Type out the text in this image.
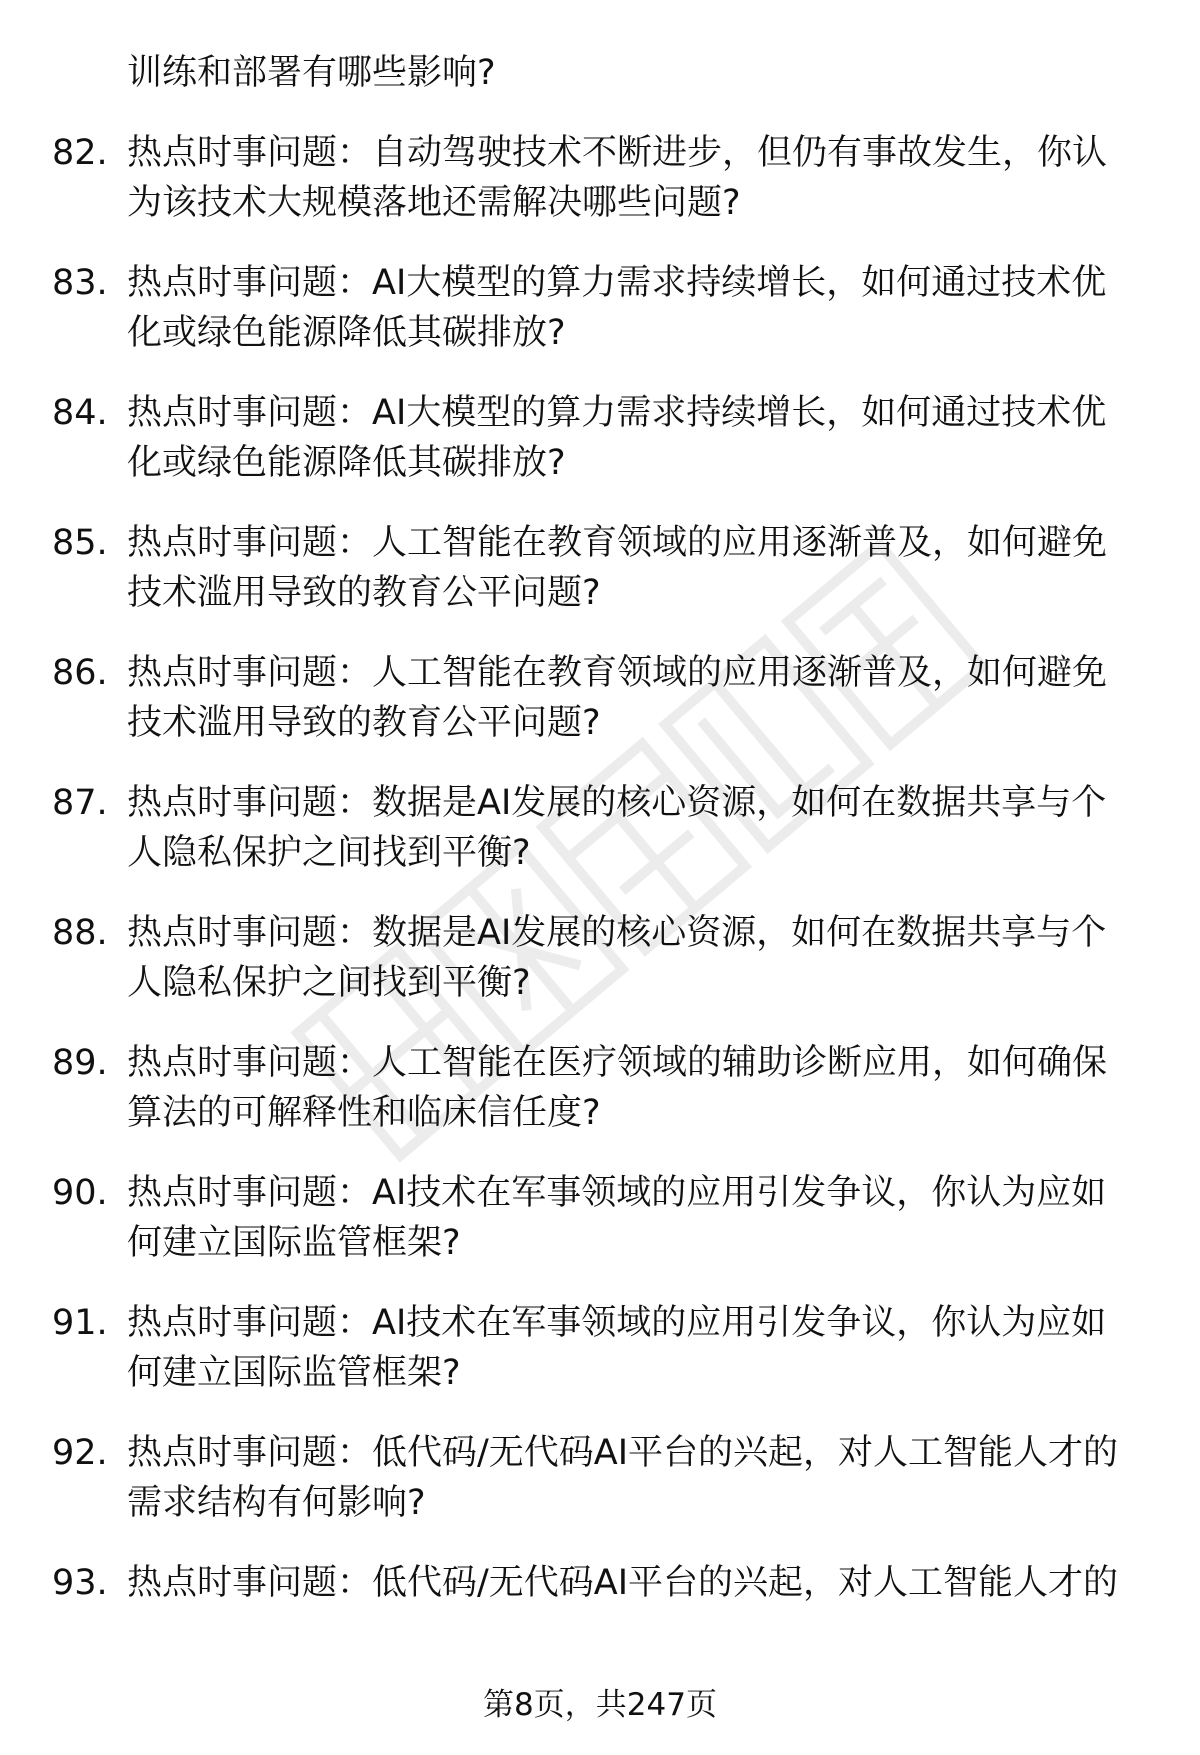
训练和部署有哪些影响?
82. 热点时事问题：自动驾驶技术不断进步，但仍有事故发生，你认
为该技术大规模落地还需解决哪些问题?
83. 热点时事问题：AI大模型的算力需求持续增长，如何通过技术优
化或绿色能源降低其碳排放?
84. 热点时事问题：AI大模型的算力需求持续增长，如何通过技术优
化或绿色能源降低其碳排放?
85. 热点时事问题：人工智能在教育领域的应用逐渐普及，如何避免
技术滥用导致的教育公平问题?
86. 热点时事问题：人工智能在教育领域的应用逐渐普及，如何避免
技术滥用导致的教育公平问题?
87. 热点时事问题：数据是AI发展的核心资源，如何在数据共享与个
人隐私保护之间找到平衡?
88. 热点时事问题：数据是AI发展的核心资源，如何在数据共享与个
人隐私保护之间找到平衡?
89. 热点时事问题：人工智能在医疗领域的辅助诊断应用，如何确保
算法的可解释性和临床信任度?
90. 热点时事问题：AI技术在军事领域的应用引发争议，你认为应如
何建立国际监管框架?
91. 热点时事问题：AI技术在军事领域的应用引发争议，你认为应如
何建立国际监管框架?
92. 热点时事问题：低代码/无代码AI平台的兴起，对人工智能人才的
需求结构有何影响?
93. 热点时事问题：低代码/无代码AI平台的兴起，对人工智能人才的
第8页，共247页
